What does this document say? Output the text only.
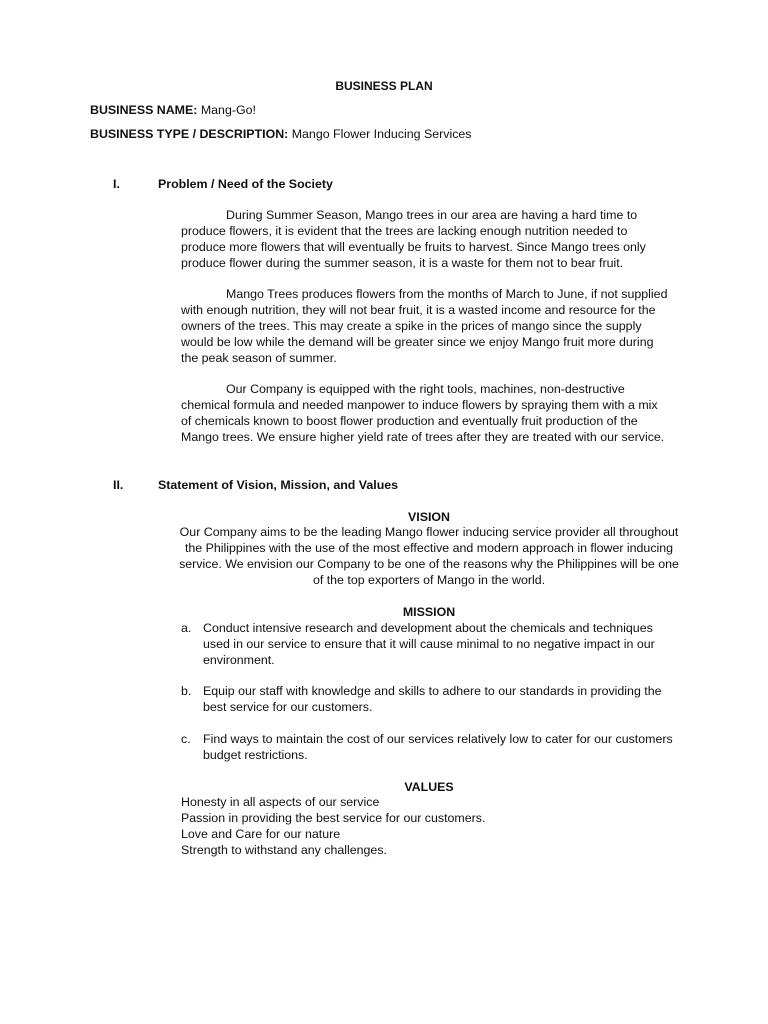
BUSINESS PLAN
BUSINESS NAME: Mang-Go!
BUSINESS TYPE / DESCRIPTION: Mango Flower Inducing Services
I.	Problem / Need of the Society
During Summer Season, Mango trees in our area are having a hard time to produce flowers, it is evident that the trees are lacking enough nutrition needed to produce more flowers that will eventually be fruits to harvest. Since Mango trees only produce flower during the summer season, it is a waste for them not to bear fruit.
Mango Trees produces flowers from the months of March to June, if not supplied with enough nutrition, they will not bear fruit, it is a wasted income and resource for the owners of the trees. This may create a spike in the prices of mango since the supply would be low while the demand will be greater since we enjoy Mango fruit more during the peak season of summer.
Our Company is equipped with the right tools, machines, non-destructive chemical formula and needed manpower to induce flowers by spraying them with a mix of chemicals known to boost flower production and eventually fruit production of the Mango trees. We ensure higher yield rate of trees after they are treated with our service.
II.	Statement of Vision, Mission, and Values
VISION
Our Company aims to be the leading Mango flower inducing service provider all throughout the Philippines with the use of the most effective and modern approach in flower inducing service. We envision our Company to be one of the reasons why the Philippines will be one of the top exporters of Mango in the world.
MISSION
a. Conduct intensive research and development about the chemicals and techniques used in our service to ensure that it will cause minimal to no negative impact in our environment.
b. Equip our staff with knowledge and skills to adhere to our standards in providing the best service for our customers.
c. Find ways to maintain the cost of our services relatively low to cater for our customers budget restrictions.
VALUES
Honesty in all aspects of our service
Passion in providing the best service for our customers.
Love and Care for our nature
Strength to withstand any challenges.
